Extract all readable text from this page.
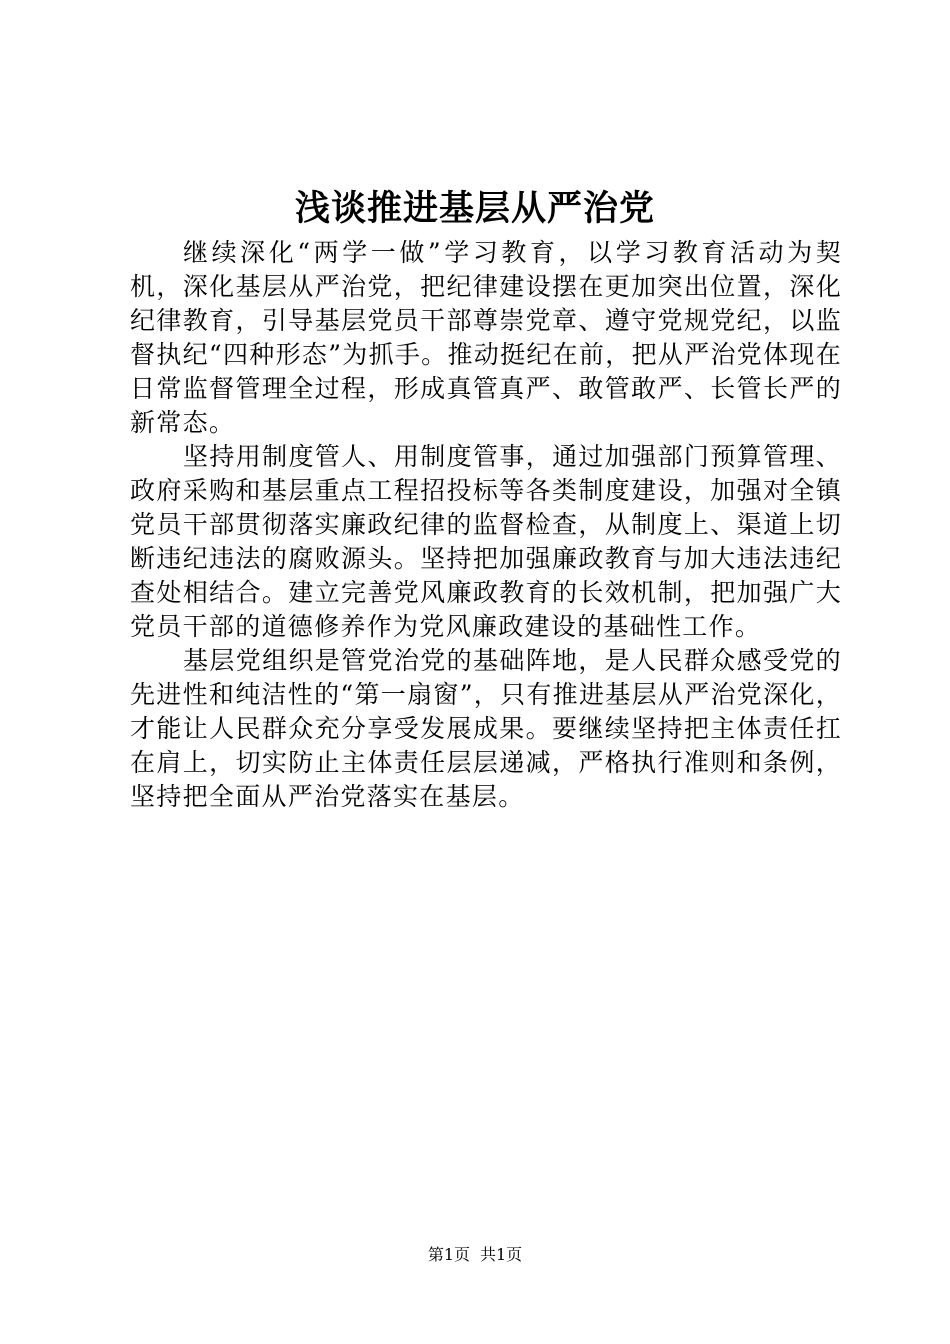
浅谈推进基层从严治党

继续深化“两学一做”学习教育，以学习教育活动为契机，深化基层从严治党，把纪律建设摆在更加突出位置，深化纪律教育，引导基层党员干部尊崇党章、遵守党规党纪，以监督执纪“四种形态”为抓手。推动挺纪在前，把从严治党体现在日常监督管理全过程，形成真管真严、敢管敢严、长管长严的新常态。

坚持用制度管人、用制度管事，通过加强部门预算管理、政府采购和基层重点工程招投标等各类制度建设，加强对全镇党员干部贯彻落实廉政纪律的监督检查，从制度上、渠道上切断违纪违法的腐败源头。坚持把加强廉政教育与加大违法违纪查处相结合。建立完善党风廉政教育的长效机制，把加强广大党员干部的道德修养作为党风廉政建设的基础性工作。

基层党组织是管党治党的基础阵地，是人民群众感受党的先进性和纯洁性的“第一扇窗”，只有推进基层从严治党深化，才能让人民群众充分享受发展成果。要继续坚持把主体责任扛在肩上，切实防止主体责任层层递减，严格执行准则和条例，坚持把全面从严治党落实在基层。

第1页 共1页
